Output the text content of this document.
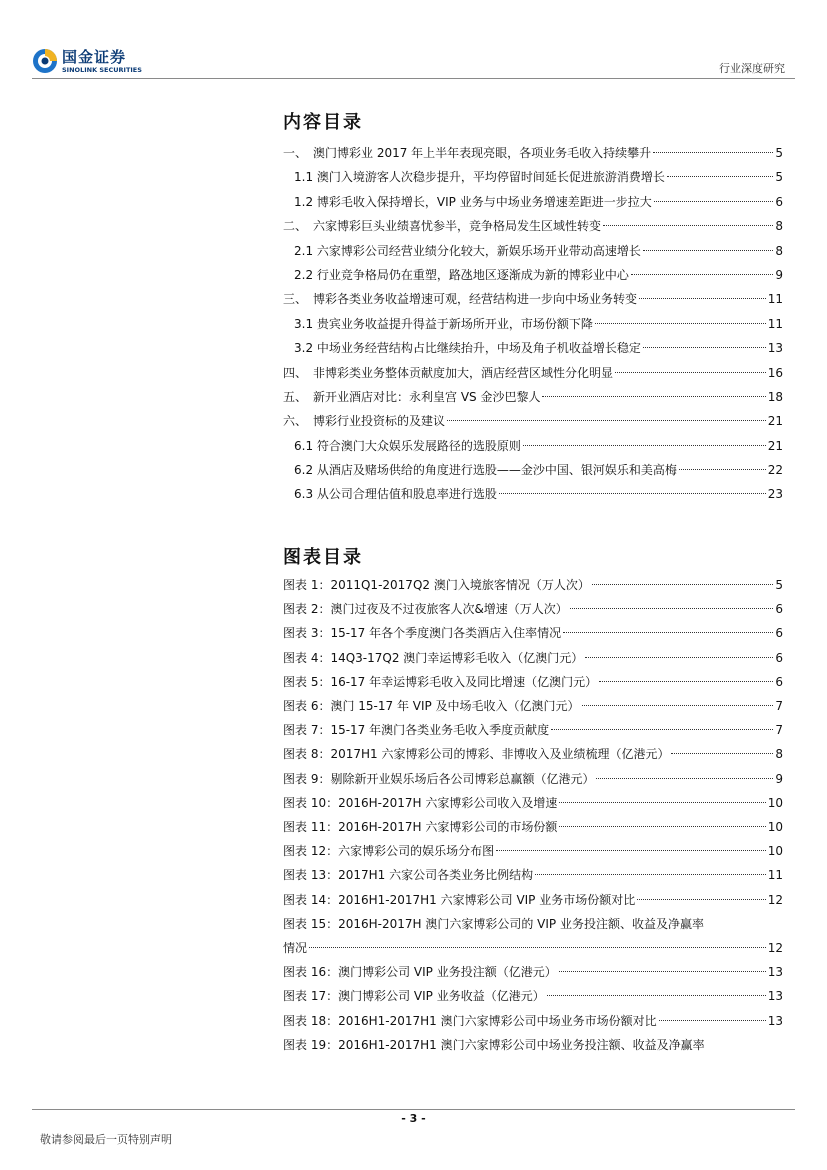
国金证券
SINOLINK SECURITIES	行业深度研究
内容目录
一、　澳门博彩业 2017 年上半年表现亮眼，各项业务毛收入持续攀升	5
1.1 澳门入境游客人次稳步提升，平均停留时间延长促进旅游消费增长	5
1.2 博彩毛收入保持增长，VIP 业务与中场业务增速差距进一步拉大	6
二、　六家博彩巨头业绩喜忧参半，竞争格局发生区域性转变	8
2.1 六家博彩公司经营业绩分化较大，新娱乐场开业带动高速增长	8
2.2 行业竞争格局仍在重塑，路氹地区逐渐成为新的博彩业中心	9
三、　博彩各类业务收益增速可观，经营结构进一步向中场业务转变	11
3.1 贵宾业务收益提升得益于新场所开业，市场份额下降	11
3.2 中场业务经营结构占比继续抬升，中场及角子机收益增长稳定	13
四、　非博彩类业务整体贡献度加大，酒店经营区域性分化明显	16
五、　新开业酒店对比：永利皇宫 VS 金沙巴黎人	18
六、　博彩行业投资标的及建议	21
6.1 符合澳门大众娱乐发展路径的选股原则	21
6.2 从酒店及赌场供给的角度进行选股——金沙中国、银河娱乐和美高梅	22
6.3 从公司合理估值和股息率进行选股	23
图表目录
图表 1：2011Q1-2017Q2 澳门入境旅客情况（万人次）	5
图表 2：澳门过夜及不过夜旅客人次&增速（万人次）	6
图表 3：15-17 年各个季度澳门各类酒店入住率情况	6
图表 4：14Q3-17Q2 澳门幸运博彩毛收入（亿澳门元）	6
图表 5：16-17 年幸运博彩毛收入及同比增速（亿澳门元）	6
图表 6：澳门 15-17 年 VIP 及中场毛收入（亿澳门元）	7
图表 7：15-17 年澳门各类业务毛收入季度贡献度	7
图表 8：2017H1 六家博彩公司的博彩、非博收入及业绩梳理（亿港元）	8
图表 9：剔除新开业娱乐场后各公司博彩总赢额（亿港元）	9
图表 10：2016H-2017H 六家博彩公司收入及增速	10
图表 11：2016H-2017H 六家博彩公司的市场份额	10
图表 12：六家博彩公司的娱乐场分布图	10
图表 13：2017H1 六家公司各类业务比例结构	11
图表 14：2016H1-2017H1 六家博彩公司 VIP 业务市场份额对比	12
图表 15：2016H-2017H 澳门六家博彩公司的 VIP 业务投注额、收益及净赢率
情况	12
图表 16：澳门博彩公司 VIP 业务投注额（亿港元）	13
图表 17：澳门博彩公司 VIP 业务收益（亿港元）	13
图表 18：2016H1-2017H1 澳门六家博彩公司中场业务市场份额对比	13
图表 19：2016H1-2017H1 澳门六家博彩公司中场业务投注额、收益及净赢率
- 3 -
敬请参阅最后一页特别声明
